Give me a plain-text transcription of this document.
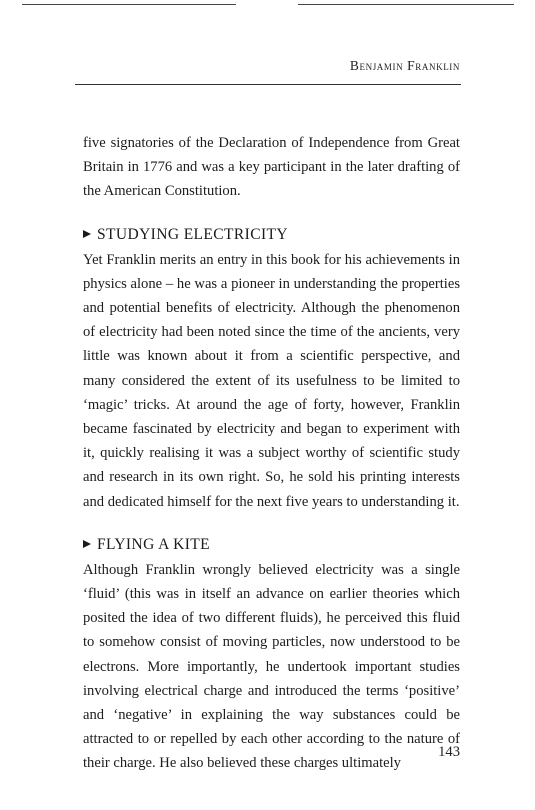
Benjamin Franklin

five signatories of the Declaration of Independence from Great Britain in 1776 and was a key participant in the later drafting of the American Constitution.

STUDYING ELECTRICITY

Yet Franklin merits an entry in this book for his achievements in physics alone – he was a pioneer in understanding the properties and potential benefits of electricity. Although the phenomenon of electricity had been noted since the time of the ancients, very little was known about it from a scientific perspective, and many considered the extent of its usefulness to be limited to ‘magic’ tricks. At around the age of forty, however, Franklin became fascinated by electricity and began to experiment with it, quickly realising it was a subject worthy of scientific study and research in its own right. So, he sold his printing interests and dedicated himself for the next five years to understanding it.

FLYING A KITE

Although Franklin wrongly believed electricity was a single ‘fluid’ (this was in itself an advance on earlier theories which posited the idea of two different fluids), he perceived this fluid to somehow consist of moving particles, now understood to be electrons. More importantly, he undertook important studies involving electrical charge and introduced the terms ‘positive’ and ‘negative’ in explaining the way substances could be attracted to or repelled by each other according to the nature of their charge. He also believed these charges ultimately

143
